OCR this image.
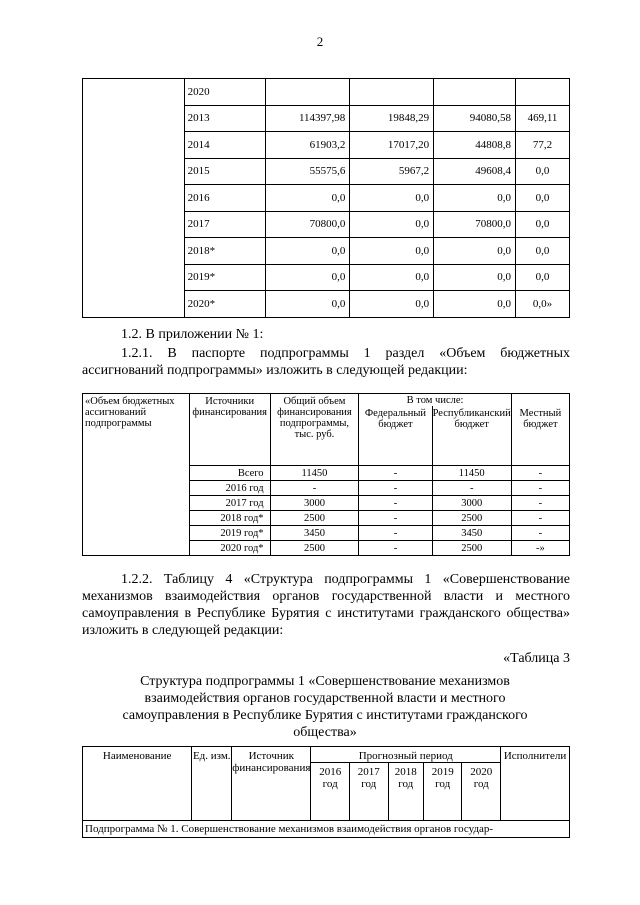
2
	2020				
	2013	114397,98	19848,29	94080,58	469,11
	2014	61903,2	17017,20	44808,8	77,2
	2015	55575,6	5967,2	49608,4	0,0
	2016	0,0	0,0	0,0	0,0
	2017	70800,0	0,0	70800,0	0,0
	2018*	0,0	0,0	0,0	0,0
	2019*	0,0	0,0	0,0	0,0
	2020*	0,0	0,0	0,0	0,0»
1.2. В приложении № 1:
1.2.1. В паспорте подпрограммы 1 раздел «Объем бюджетных ассигнований подпрограммы» изложить в следующей редакции:
«Объем бюджетных ассигнований подпрограммы	Источники финансирования	Общий объем финансирования подпрограммы, тыс. руб.	В том числе:		Местный бюджет
			Федеральный бюджет	Республиканский бюджет	
	Всего	11450	-	11450	-
	2016 год	-	-	-	-
	2017 год	3000	-	3000	-
	2018 год*	2500	-	2500	-
	2019 год*	3450	-	3450	-
	2020 год*	2500	-	2500	-»
1.2.2. Таблицу 4 «Структура подпрограммы 1 «Совершенствование механизмов взаимодействия органов государственной власти и местного самоуправления в Республике Бурятия с институтами гражданского общества» изложить в следующей редакции:
«Таблица 3
Структура подпрограммы 1 «Совершенствование механизмов взаимодействия органов государственной власти и местного самоуправления в Республике Бурятия с институтами гражданского общества»
Наименование	Ед. изм.	Источник финансирования	Прогнозный период					Исполнители
			2016 год	2017 год	2018 год	2019 год	2020 год	
Подпрограмма № 1. Совершенствование механизмов взаимодействия органов государ-								
